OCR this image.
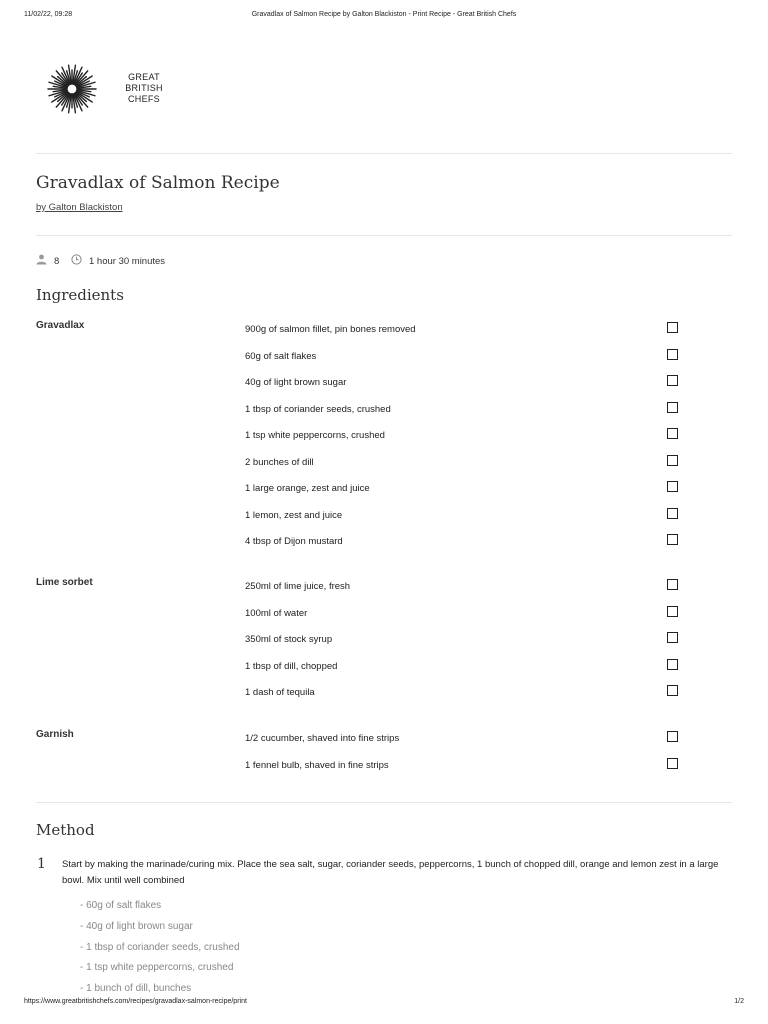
11/02/22, 09:28	Gravadlax of Salmon Recipe by Galton Blackiston - Print Recipe - Great British Chefs
GREAT
BRITISH
CHEFS
Gravadlax of Salmon Recipe
by Galton Blackiston
8	1 hour 30 minutes
Ingredients
Gravadlax	900g of salmon fillet, pin bones removed
60g of salt flakes
40g of light brown sugar
1 tbsp of coriander seeds, crushed
1 tsp white peppercorns, crushed
2 bunches of dill
1 large orange, zest and juice
1 lemon, zest and juice
4 tbsp of Dijon mustard
Lime sorbet	250ml of lime juice, fresh
100ml of water
350ml of stock syrup
1 tbsp of dill, chopped
1 dash of tequila
Garnish	1/2 cucumber, shaved into fine strips
1 fennel bulb, shaved in fine strips
Method
1 Start by making the marinade/curing mix. Place the sea salt, sugar, coriander seeds, peppercorns, 1 bunch of chopped dill, orange and lemon zest in a large bowl. Mix until well combined
- 60g of salt flakes
- 40g of light brown sugar
- 1 tbsp of coriander seeds, crushed
- 1 tsp white peppercorns, crushed
- 1 bunch of dill, bunches
https://www.greatbritishchefs.com/recipes/gravadlax-salmon-recipe/print	1/2
